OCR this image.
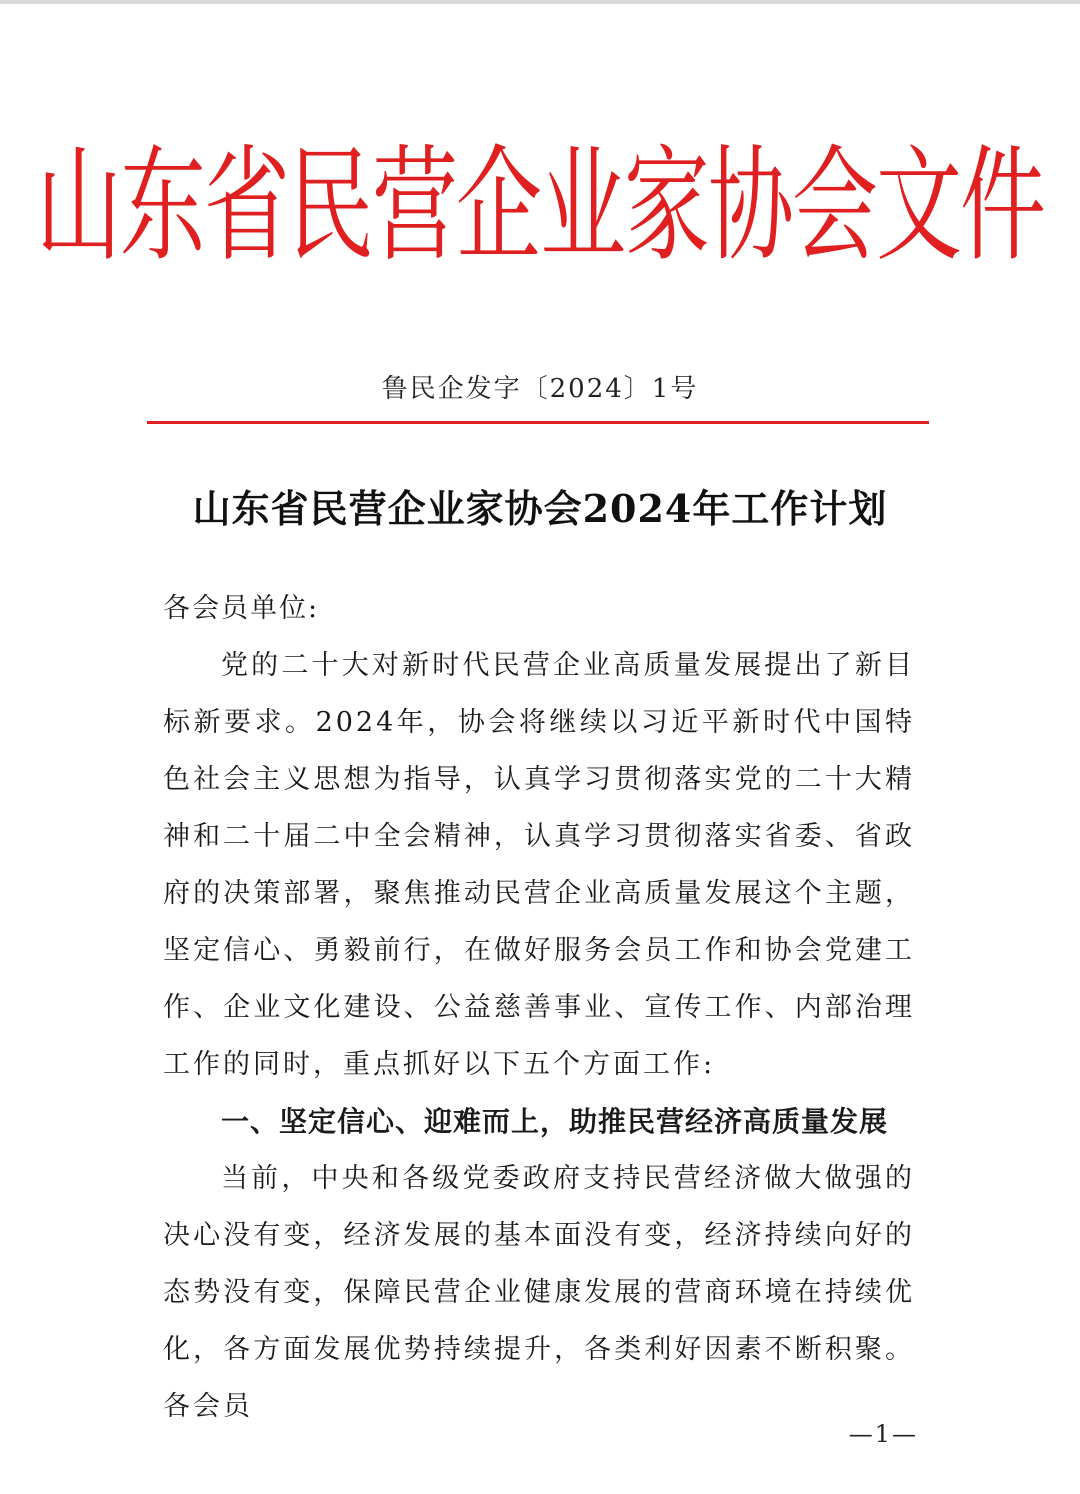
山东省民营企业家协会文件
鲁民企发字〔2024〕1号
山东省民营企业家协会2024年工作计划

各会员单位:

党的二十大对新时代民营企业高质量发展提出了新目标新要求。2024年，协会将继续以习近平新时代中国特色社会主义思想为指导，认真学习贯彻落实党的二十大精神和二十届二中全会精神，认真学习贯彻落实省委、省政府的决策部署，聚焦推动民营企业高质量发展这个主题，坚定信心、勇毅前行，在做好服务会员工作和协会党建工作、企业文化建设、公益慈善事业、宣传工作、内部治理工作的同时，重点抓好以下五个方面工作:

一、坚定信心、迎难而上，助推民营经济高质量发展

当前，中央和各级党委政府支持民营经济做大做强的决心没有变，经济发展的基本面没有变，经济持续向好的态势没有变，保障民营企业健康发展的营商环境在持续优化，各方面发展优势持续提升，各类利好因素不断积聚。各会员

—1—
